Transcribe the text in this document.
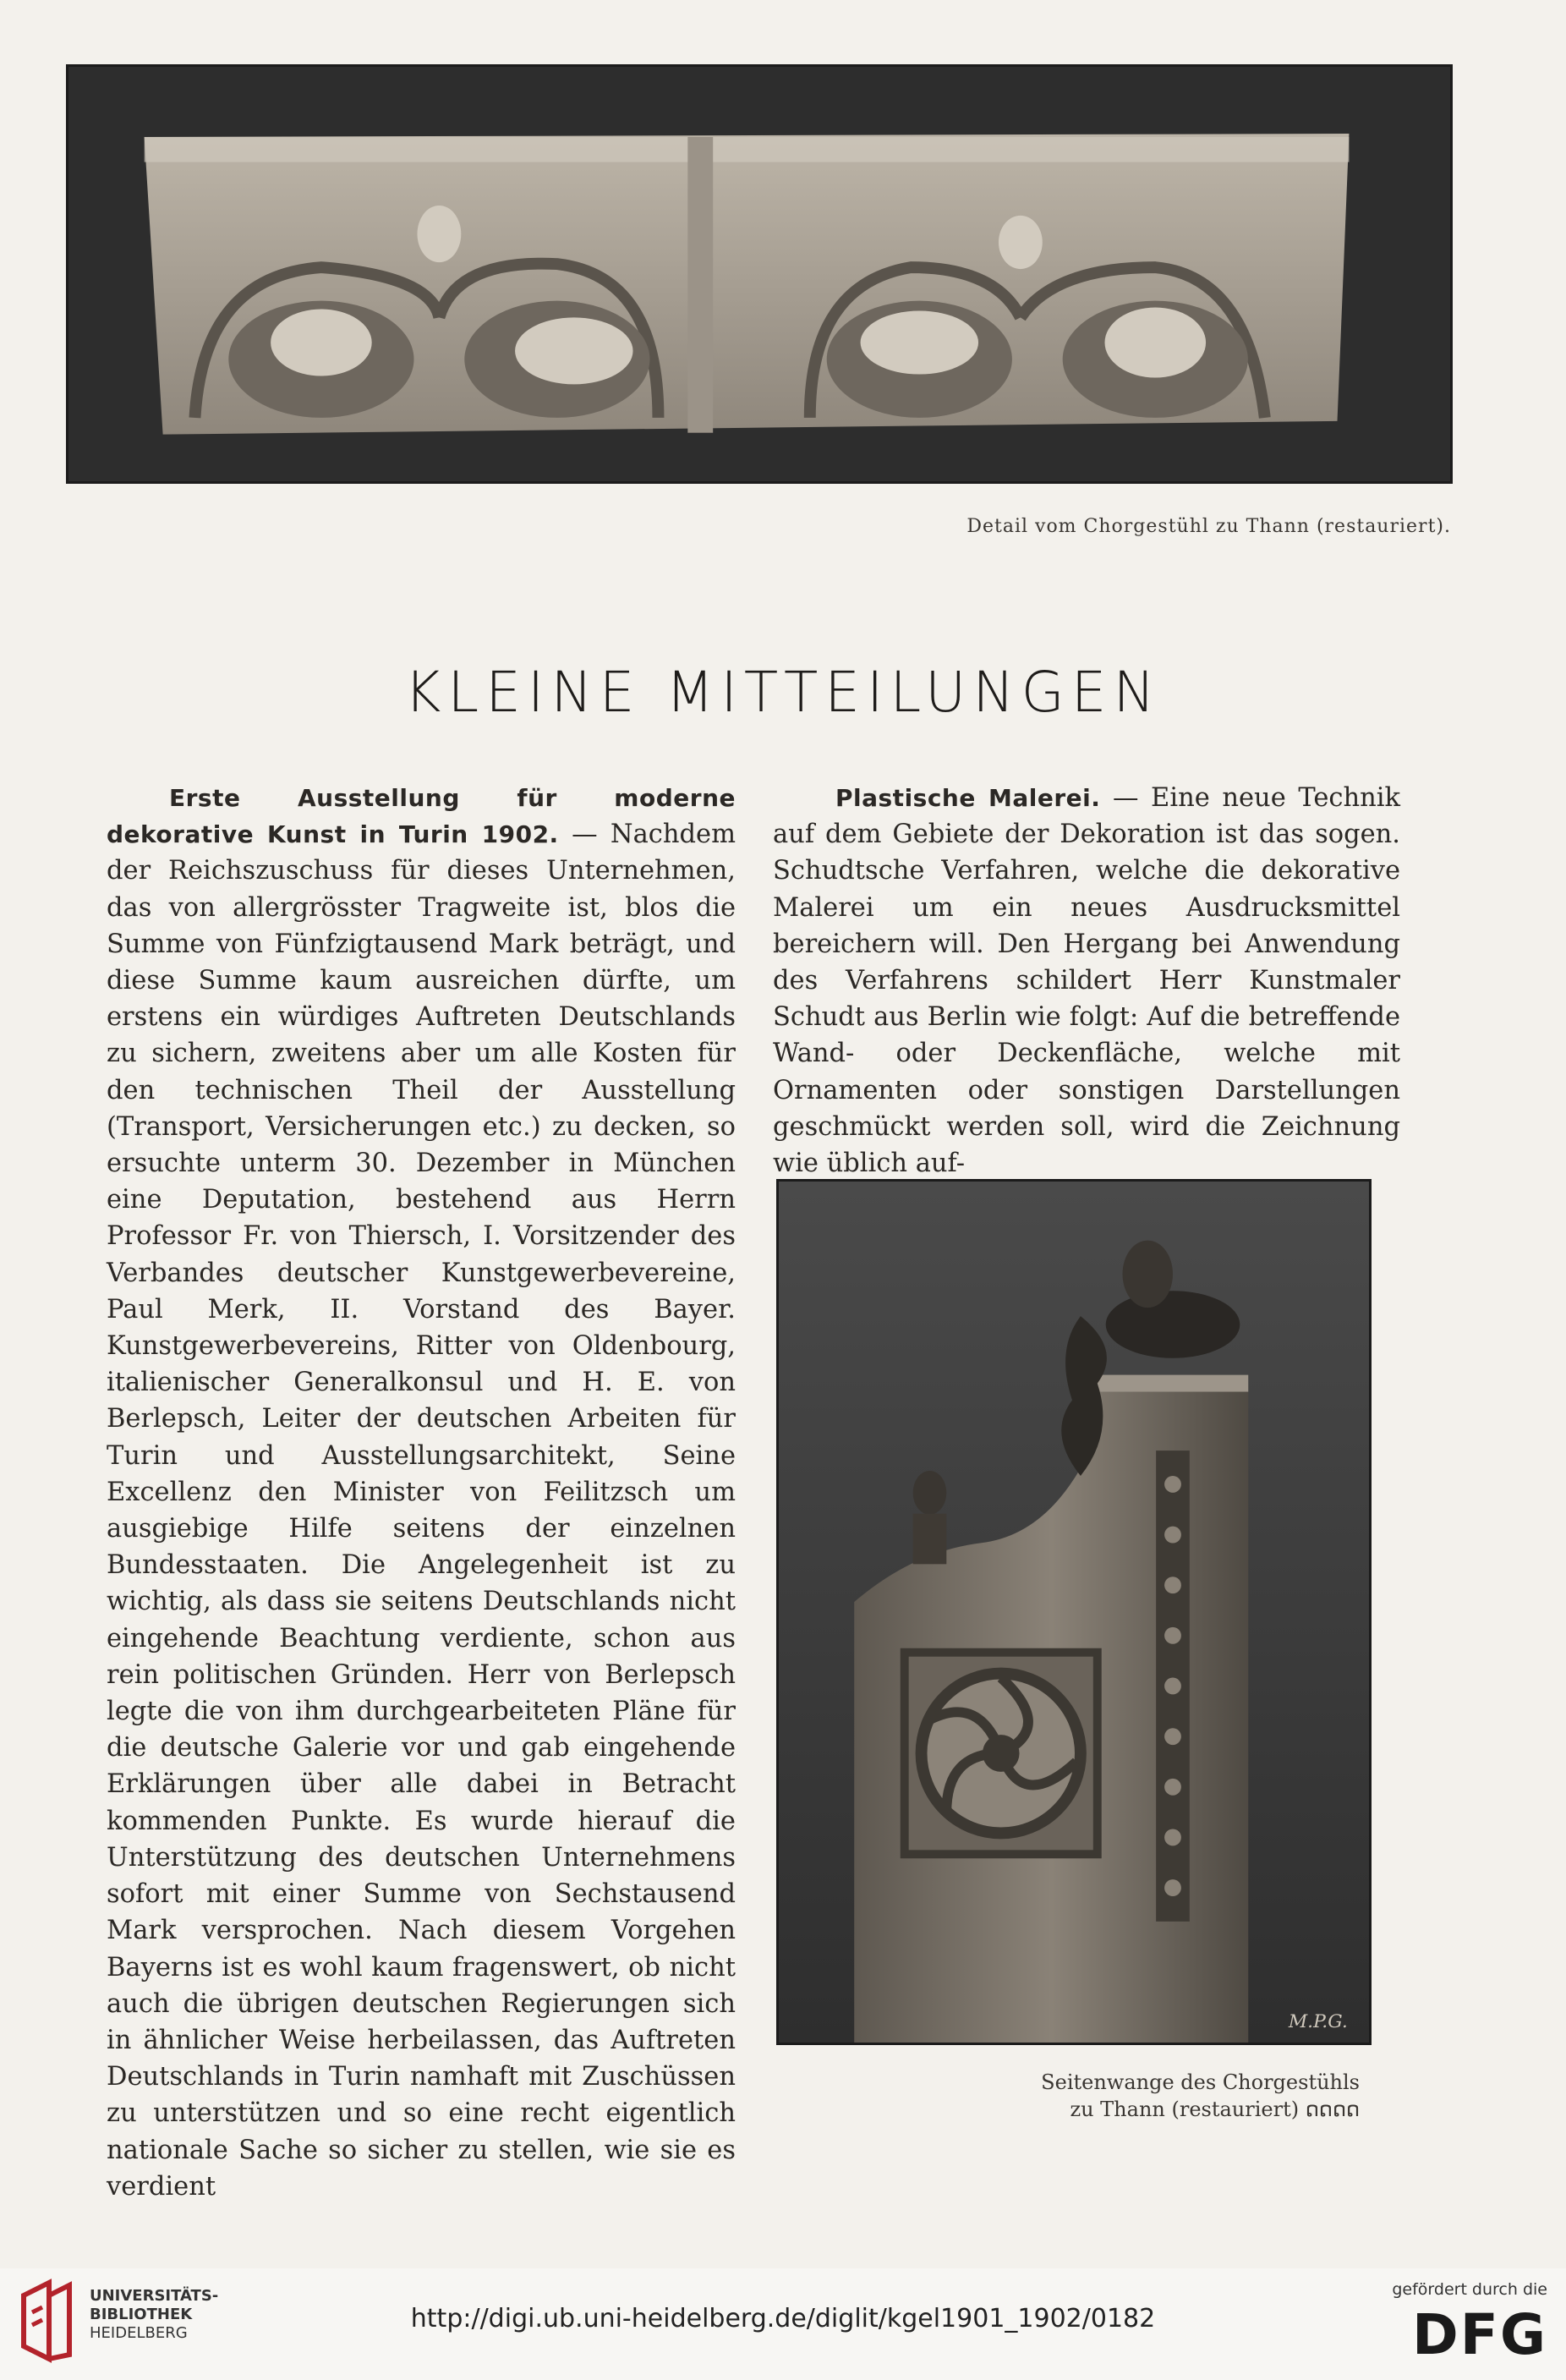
Detail vom Chorgestühl zu Thann (restauriert).
KLEINE MITTEILUNGEN

Erste Ausstellung für moderne dekorative Kunst in Turin 1902. — Nachdem der Reichszuschuss für dieses Unternehmen, das von allergrösster Tragweite ist, blos die Summe von Fünfzigtausend Mark beträgt, und diese Summe kaum ausreichen dürfte, um erstens ein würdiges Auftreten Deutschlands zu sichern, zweitens aber um alle Kosten für den technischen Theil der Ausstellung (Transport, Versicherungen etc.) zu decken, so ersuchte unterm 30. Dezember in München eine Deputation, bestehend aus Herrn Professor Fr. von Thiersch, I. Vorsitzender des Verbandes deutscher Kunstgewerbevereine, Paul Merk, II. Vorstand des Bayer. Kunstgewerbevereins, Ritter von Oldenbourg, italienischer Generalkonsul und H. E. von Berlepsch, Leiter der deutschen Arbeiten für Turin und Ausstellungsarchitekt, Seine Excellenz den Minister von Feilitzsch um ausgiebige Hilfe seitens der einzelnen Bundesstaaten. Die Angelegenheit ist zu wichtig, als dass sie seitens Deutschlands nicht eingehende Beachtung verdiente, schon aus rein politischen Gründen. Herr von Berlepsch legte die von ihm durchgearbeiteten Pläne für die deutsche Galerie vor und gab eingehende Erklärungen über alle dabei in Betracht kommenden Punkte. Es wurde hierauf die Unterstützung des deutschen Unternehmens sofort mit einer Summe von Sechstausend Mark versprochen. Nach diesem Vorgehen Bayerns ist es wohl kaum fragenswert, ob nicht auch die übrigen deutschen Regierungen sich in ähnlicher Weise herbeilassen, das Auftreten Deutschlands in Turin namhaft mit Zuschüssen zu unterstützen und so eine recht eigentlich nationale Sache so sicher zu stellen, wie sie es verdient

Plastische Malerei. — Eine neue Technik auf dem Gebiete der Dekoration ist das sogen. Schudtsche Verfahren, welche die dekorative Malerei um ein neues Ausdrucksmittel bereichern will. Den Hergang bei Anwendung des Verfahrens schildert Herr Kunstmaler Schudt aus Berlin wie folgt: Auf die betreffende Wand- oder Deckenfläche, welche mit Ornamenten oder sonstigen Darstellungen geschmückt werden soll, wird die Zeichnung wie üblich auf-

M.P.G.
Seitenwange des Chorgestühls
zu Thann (restauriert) ດດດດ
UNIVERSITÄTS-
BIBLIOTHEK
HEIDELBERG	http://digi.ub.uni-heidelberg.de/diglit/kgel1901_1902/0182
gefördert durch die
DFG
